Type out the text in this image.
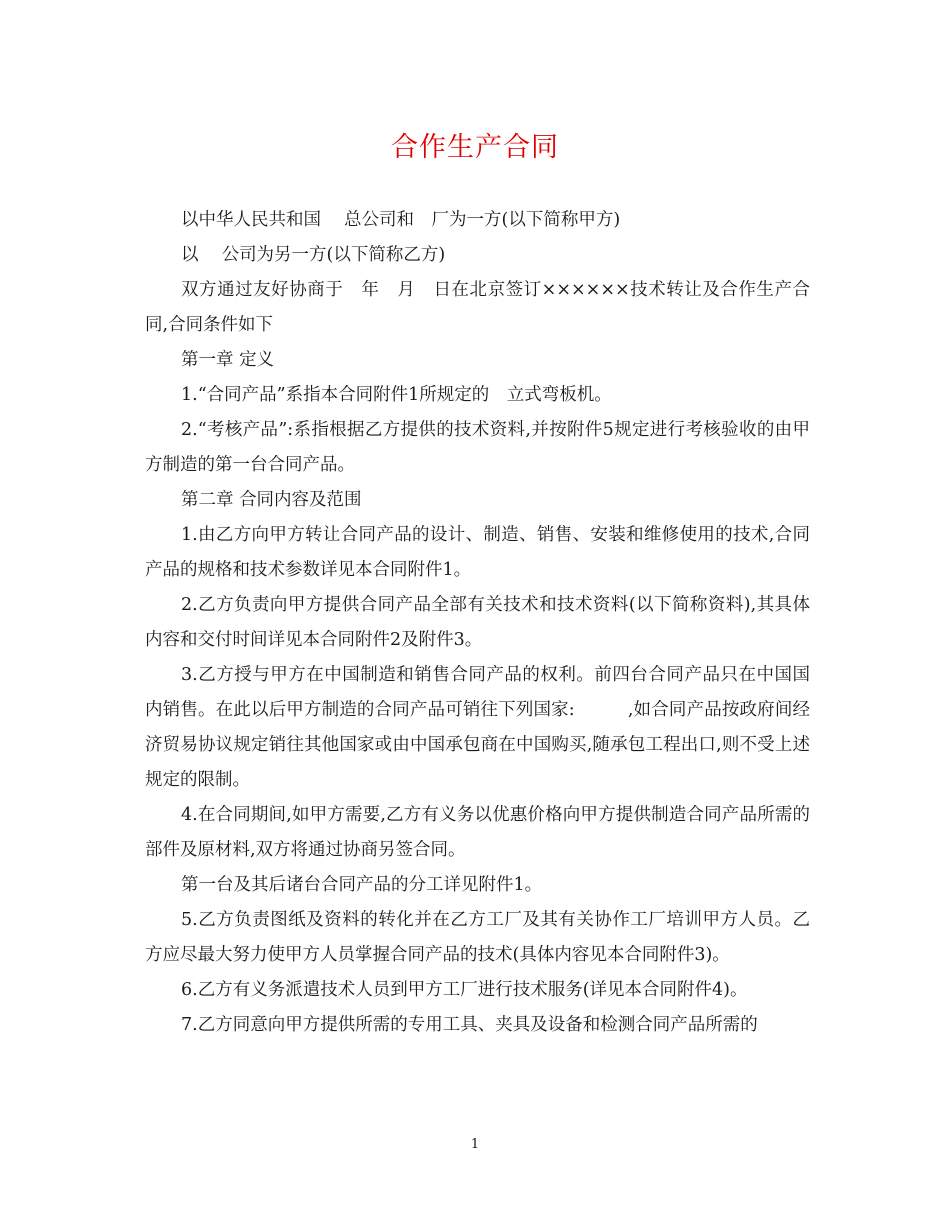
合作生产合同

以中华人民共和国　 总公司和　厂为一方(以下简称甲方)

以　 公司为另一方(以下简称乙方)

双方通过友好协商于　年　月　日在北京签订××××××技术转让及合作生产合同,合同条件如下

第一章 定义

1.“合同产品”系指本合同附件1所规定的　立式弯板机。

2.“考核产品”:系指根据乙方提供的技术资料,并按附件5规定进行考核验收的由甲方制造的第一台合同产品。

第二章 合同内容及范围

1.由乙方向甲方转让合同产品的设计、制造、销售、安装和维修使用的技术,合同产品的规格和技术参数详见本合同附件1。

2.乙方负责向甲方提供合同产品全部有关技术和技术资料(以下简称资料),其具体内容和交付时间详见本合同附件2及附件3。

3.乙方授与甲方在中国制造和销售合同产品的权利。前四台合同产品只在中国国内销售。在此以后甲方制造的合同产品可销往下列国家:　　　,如合同产品按政府间经济贸易协议规定销往其他国家或由中国承包商在中国购买,随承包工程出口,则不受上述规定的限制。

4.在合同期间,如甲方需要,乙方有义务以优惠价格向甲方提供制造合同产品所需的部件及原材料,双方将通过协商另签合同。

第一台及其后诸台合同产品的分工详见附件1。

5.乙方负责图纸及资料的转化并在乙方工厂及其有关协作工厂培训甲方人员。乙方应尽最大努力使甲方人员掌握合同产品的技术(具体内容见本合同附件3)。

6.乙方有义务派遣技术人员到甲方工厂进行技术服务(详见本合同附件4)。

7.乙方同意向甲方提供所需的专用工具、夹具及设备和检测合同产品所需的

1
